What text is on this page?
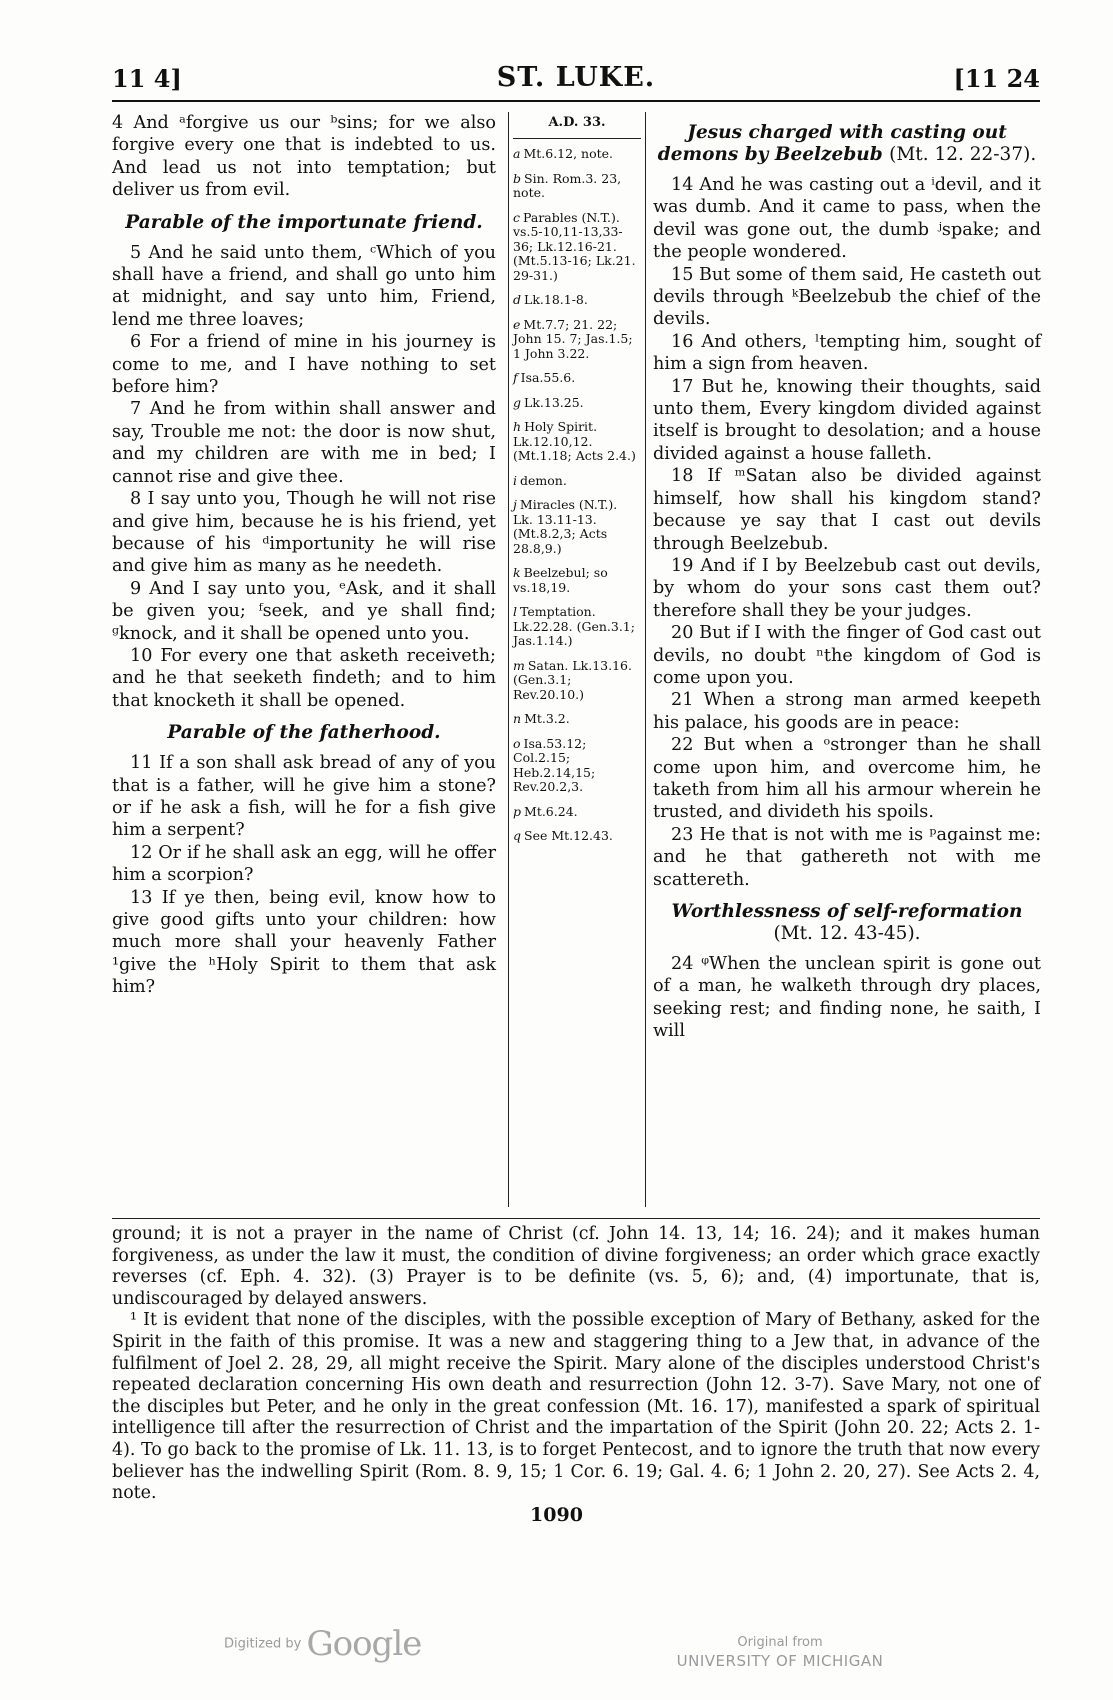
11 4]	ST. LUKE.	[11 24

4 And ᵃforgive us our ᵇsins; for we also forgive every one that is indebted to us. And lead us not into temptation; but deliver us from evil.

Parable of the importunate friend.

5 And he said unto them, ᶜWhich of you shall have a friend, and shall go unto him at midnight, and say unto him, Friend, lend me three loaves;

6 For a friend of mine in his journey is come to me, and I have nothing to set before him?

7 And he from within shall answer and say, Trouble me not: the door is now shut, and my children are with me in bed; I cannot rise and give thee.

8 I say unto you, Though he will not rise and give him, because he is his friend, yet because of his ᵈimportunity he will rise and give him as many as he needeth.

9 And I say unto you, ᵉAsk, and it shall be given you; ᶠseek, and ye shall find; ᵍknock, and it shall be opened unto you.

10 For every one that asketh receiveth; and he that seeketh findeth; and to him that knocketh it shall be opened.

Parable of the fatherhood.

11 If a son shall ask bread of any of you that is a father, will he give him a stone? or if he ask a fish, will he for a fish give him a serpent?

12 Or if he shall ask an egg, will he offer him a scorpion?

13 If ye then, being evil, know how to give good gifts unto your children: how much more shall your heavenly Father ¹give the ʰHoly Spirit to them that ask him?

A.D. 33.
a Mt.6.12, note.
b Sin. Rom.3. 23, note.
c Parables (N.T.). vs.5-10,11-13,33-36; Lk.12.16-21. (Mt.5.13-16; Lk.21. 29-31.)
d Lk.18.1-8.
e Mt.7.7; 21. 22; John 15. 7; Jas.1.5; 1 John 3.22.
f Isa.55.6.
g Lk.13.25.
h Holy Spirit. Lk.12.10,12. (Mt.1.18; Acts 2.4.)
i demon.
j Miracles (N.T.). Lk. 13.11-13. (Mt.8.2,3; Acts 28.8,9.)
k Beelzebul; so vs.18,19.
l Temptation. Lk.22.28. (Gen.3.1; Jas.1.14.)
m Satan. Lk.13.16. (Gen.3.1; Rev.20.10.)
n Mt.3.2.
o Isa.53.12; Col.2.15; Heb.2.14,15; Rev.20.2,3.
p Mt.6.24.
q See Mt.12.43.
Jesus charged with casting out demons by Beelzebub (Mt. 12. 22-37).

14 And he was casting out a ⁱdevil, and it was dumb. And it came to pass, when the devil was gone out, the dumb ʲspake; and the people wondered.

15 But some of them said, He casteth out devils through ᵏBeelzebub the chief of the devils.

16 And others, ˡtempting him, sought of him a sign from heaven.

17 But he, knowing their thoughts, said unto them, Every kingdom divided against itself is brought to desolation; and a house divided against a house falleth.

18 If ᵐSatan also be divided against himself, how shall his kingdom stand? because ye say that I cast out devils through Beelzebub.

19 And if I by Beelzebub cast out devils, by whom do your sons cast them out? therefore shall they be your judges.

20 But if I with the finger of God cast out devils, no doubt ⁿthe kingdom of God is come upon you.

21 When a strong man armed keepeth his palace, his goods are in peace:

22 But when a ᵒstronger than he shall come upon him, and overcome him, he taketh from him all his armour wherein he trusted, and divideth his spoils.

23 He that is not with me is ᵖagainst me: and he that gathereth not with me scattereth.

Worthlessness of self-reformation (Mt. 12. 43-45).

24 ᵠWhen the unclean spirit is gone out of a man, he walketh through dry places, seeking rest; and finding none, he saith, I will

ground; it is not a prayer in the name of Christ (cf. John 14. 13, 14; 16. 24); and it makes human forgiveness, as under the law it must, the condition of divine forgiveness; an order which grace exactly reverses (cf. Eph. 4. 32). (3) Prayer is to be definite (vs. 5, 6); and, (4) importunate, that is, undiscouraged by delayed answers.

¹ It is evident that none of the disciples, with the possible exception of Mary of Bethany, asked for the Spirit in the faith of this promise. It was a new and staggering thing to a Jew that, in advance of the fulfilment of Joel 2. 28, 29, all might receive the Spirit. Mary alone of the disciples understood Christ's repeated declaration concerning His own death and resurrection (John 12. 3-7). Save Mary, not one of the disciples but Peter, and he only in the great confession (Mt. 16. 17), manifested a spark of spiritual intelligence till after the resurrection of Christ and the impartation of the Spirit (John 20. 22; Acts 2. 1-4). To go back to the promise of Lk. 11. 13, is to forget Pentecost, and to ignore the truth that now every believer has the indwelling Spirit (Rom. 8. 9, 15; 1 Cor. 6. 19; Gal. 4. 6; 1 John 2. 20, 27). See Acts 2. 4, note.

1090
Digitized by Google	Original from
UNIVERSITY OF MICHIGAN
